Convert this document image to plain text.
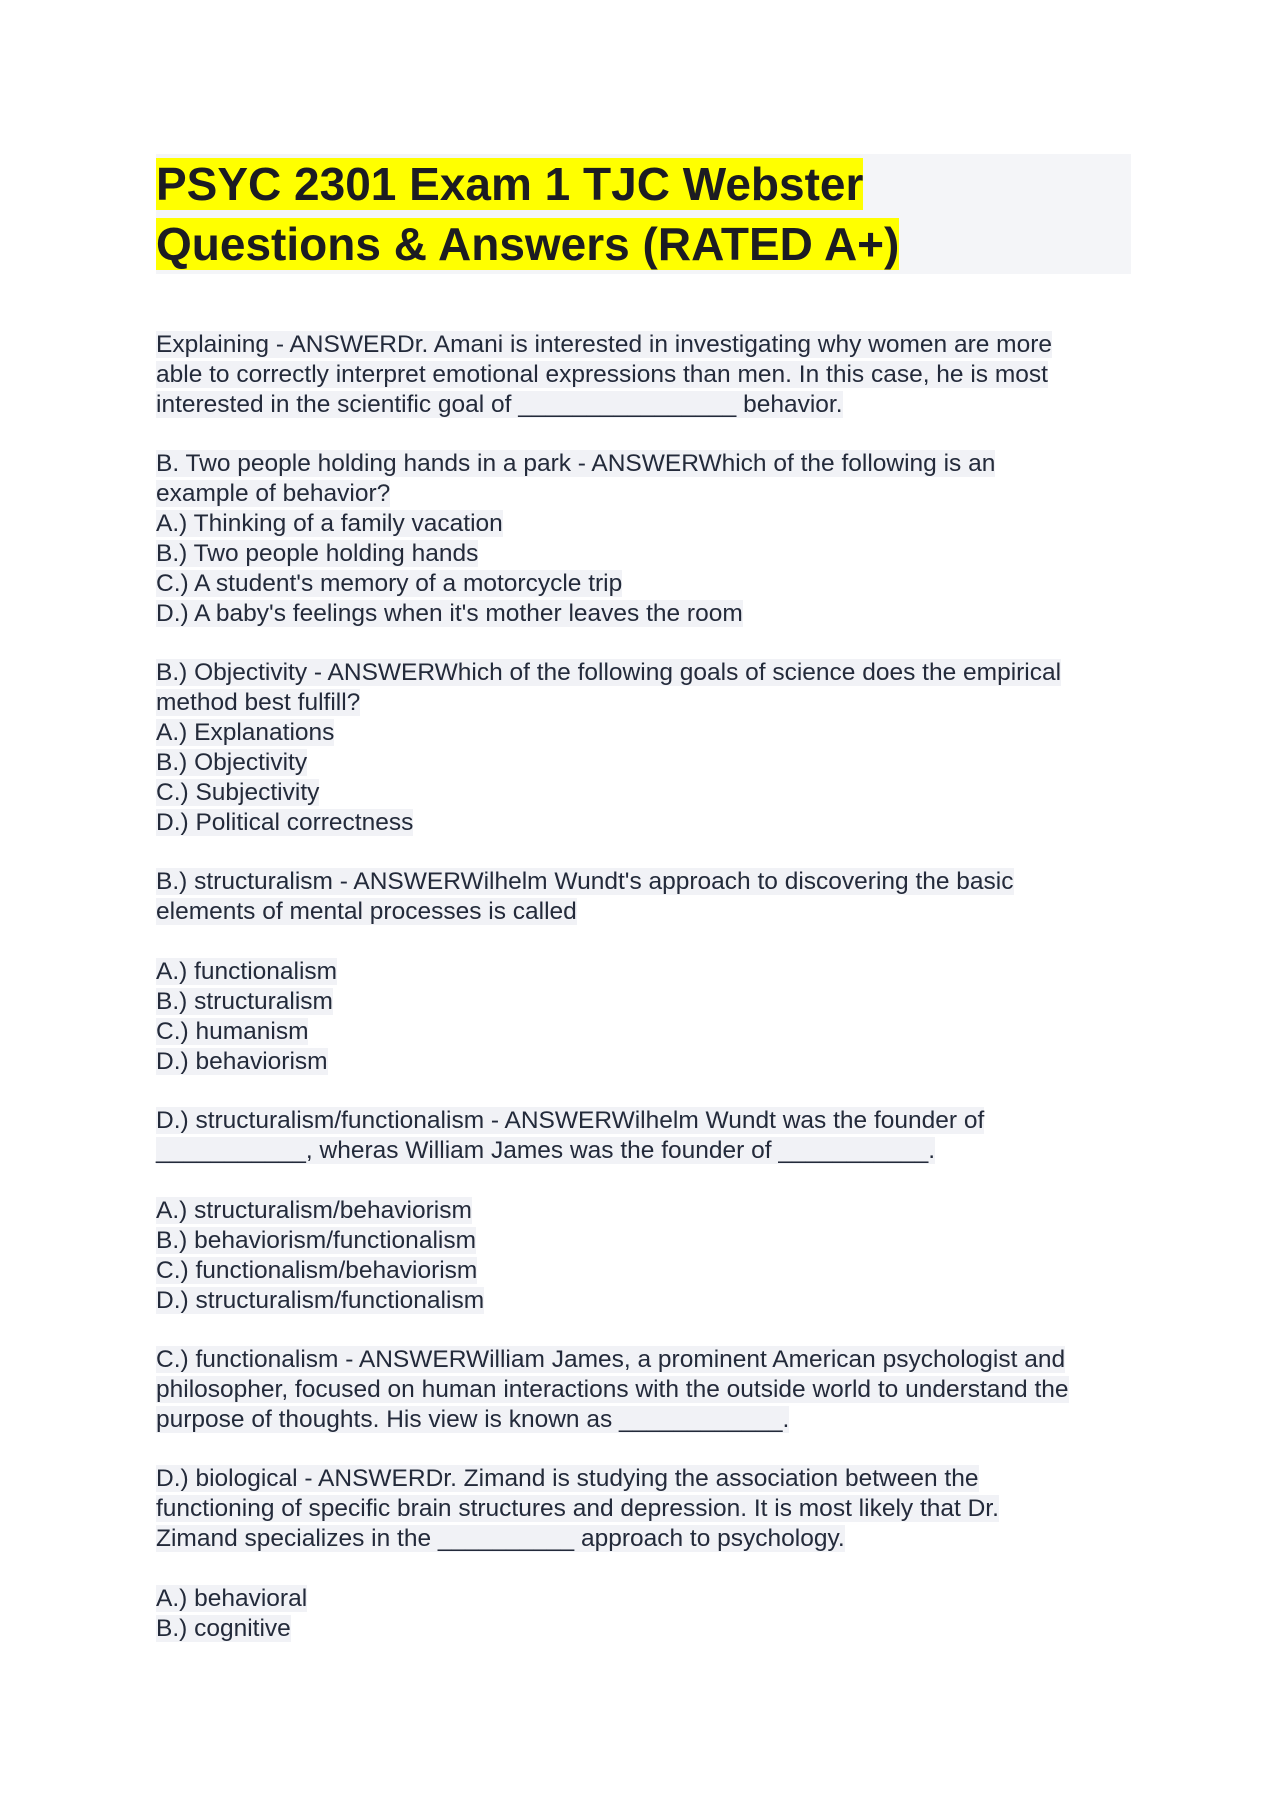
PSYC 2301 Exam 1 TJC Webster
Questions & Answers (RATED A+)
Explaining - ANSWERDr. Amani is interested in investigating why women are more
able to correctly interpret emotional expressions than men. In this case, he is most
interested in the scientific goal of ________________ behavior.
B. Two people holding hands in a park - ANSWERWhich of the following is an
example of behavior?
A.) Thinking of a family vacation
B.) Two people holding hands
C.) A student's memory of a motorcycle trip
D.) A baby's feelings when it's mother leaves the room
B.) Objectivity - ANSWERWhich of the following goals of science does the empirical
method best fulfill?
A.) Explanations
B.) Objectivity
C.) Subjectivity
D.) Political correctness
B.) structuralism - ANSWERWilhelm Wundt's approach to discovering the basic
elements of mental processes is called
A.) functionalism
B.) structuralism
C.) humanism
D.) behaviorism
D.) structuralism/functionalism - ANSWERWilhelm Wundt was the founder of
___________, wheras William James was the founder of ___________.
A.) structuralism/behaviorism
B.) behaviorism/functionalism
C.) functionalism/behaviorism
D.) structuralism/functionalism
C.) functionalism - ANSWERWilliam James, a prominent American psychologist and
philosopher, focused on human interactions with the outside world to understand the
purpose of thoughts. His view is known as ____________.
D.) biological - ANSWERDr. Zimand is studying the association between the
functioning of specific brain structures and depression. It is most likely that Dr.
Zimand specializes in the __________ approach to psychology.
A.) behavioral
B.) cognitive
